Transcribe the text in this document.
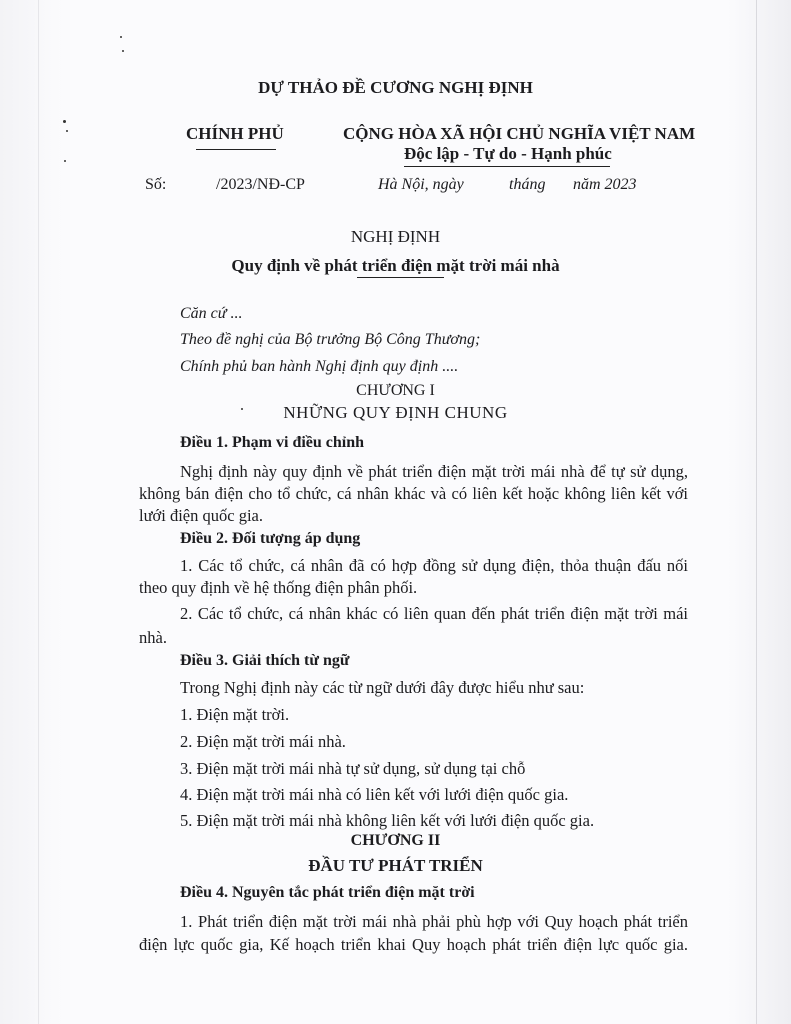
DỰ THẢO ĐỀ CƯƠNG NGHỊ ĐỊNH
CHÍNH PHỦ	CỘNG HÒA XÃ HỘI CHỦ NGHĨA VIỆT NAM
Độc lập - Tự do - Hạnh phúc
Số:	/2023/NĐ-CP	Hà Nội, ngày	tháng năm 2023
NGHỊ ĐỊNH
Quy định về phát triển điện mặt trời mái nhà
Căn cứ ...
Theo đề nghị của Bộ trưởng Bộ Công Thương;
Chính phủ ban hành Nghị định quy định ....
CHƯƠNG I
NHỮNG QUY ĐỊNH CHUNG
Điều 1. Phạm vi điều chỉnh
Nghị định này quy định về phát triển điện mặt trời mái nhà để tự sử dụng,
không bán điện cho tổ chức, cá nhân khác và có liên kết hoặc không liên kết với
lưới điện quốc gia.
Điều 2. Đối tượng áp dụng
1. Các tổ chức, cá nhân đã có hợp đồng sử dụng điện, thỏa thuận đấu nối
theo quy định về hệ thống điện phân phối.
2. Các tổ chức, cá nhân khác có liên quan đến phát triển điện mặt trời mái
nhà.
Điều 3. Giải thích từ ngữ
Trong Nghị định này các từ ngữ dưới đây được hiểu như sau:
1. Điện mặt trời.
2. Điện mặt trời mái nhà.
3. Điện mặt trời mái nhà tự sử dụng, sử dụng tại chỗ
4. Điện mặt trời mái nhà có liên kết với lưới điện quốc gia.
5. Điện mặt trời mái nhà không liên kết với lưới điện quốc gia.
CHƯƠNG II
ĐẦU TƯ PHÁT TRIỂN
Điều 4. Nguyên tắc phát triển điện mặt trời
1. Phát triển điện mặt trời mái nhà phải phù hợp với Quy hoạch phát triển
điện lực quốc gia, Kế hoạch triển khai Quy hoạch phát triển điện lực quốc gia.
